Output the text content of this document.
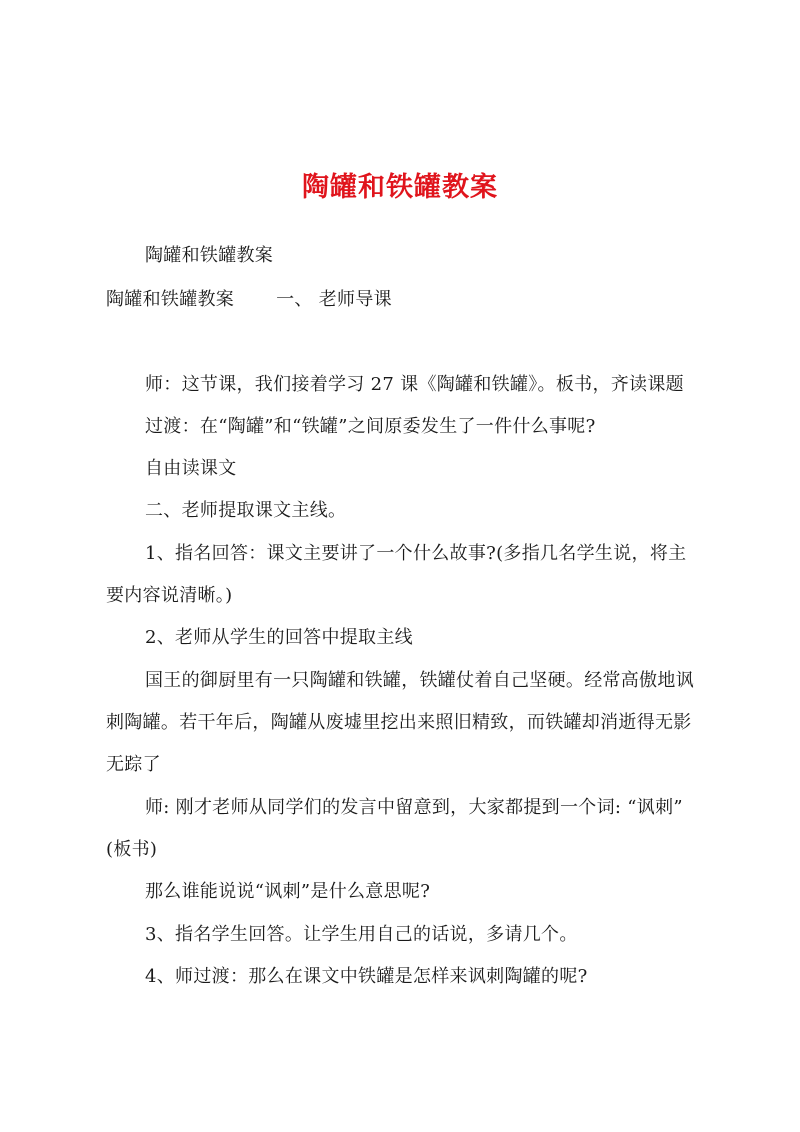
陶罐和铁罐教案
陶罐和铁罐教案
陶罐和铁罐教案 一、 老师导课
师：这节课，我们接着学习 27 课《陶罐和铁罐》。板书，齐读课题
过渡：在“陶罐”和“铁罐”之间原委发生了一件什么事呢?
自由读课文
二、老师提取课文主线。
1、指名回答：课文主要讲了一个什么故事?(多指几名学生说，将主
要内容说清晰。)
2、老师从学生的回答中提取主线
国王的御厨里有一只陶罐和铁罐，铁罐仗着自己坚硬。经常高傲地讽
刺陶罐。若干年后，陶罐从废墟里挖出来照旧精致，而铁罐却消逝得无影
无踪了
师: 刚才老师从同学们的发言中留意到，大家都提到一个词: “讽刺”
(板书)
那么谁能说说“讽刺”是什么意思呢?
3、指名学生回答。让学生用自己的话说，多请几个。
4、师过渡：那么在课文中铁罐是怎样来讽刺陶罐的呢?
